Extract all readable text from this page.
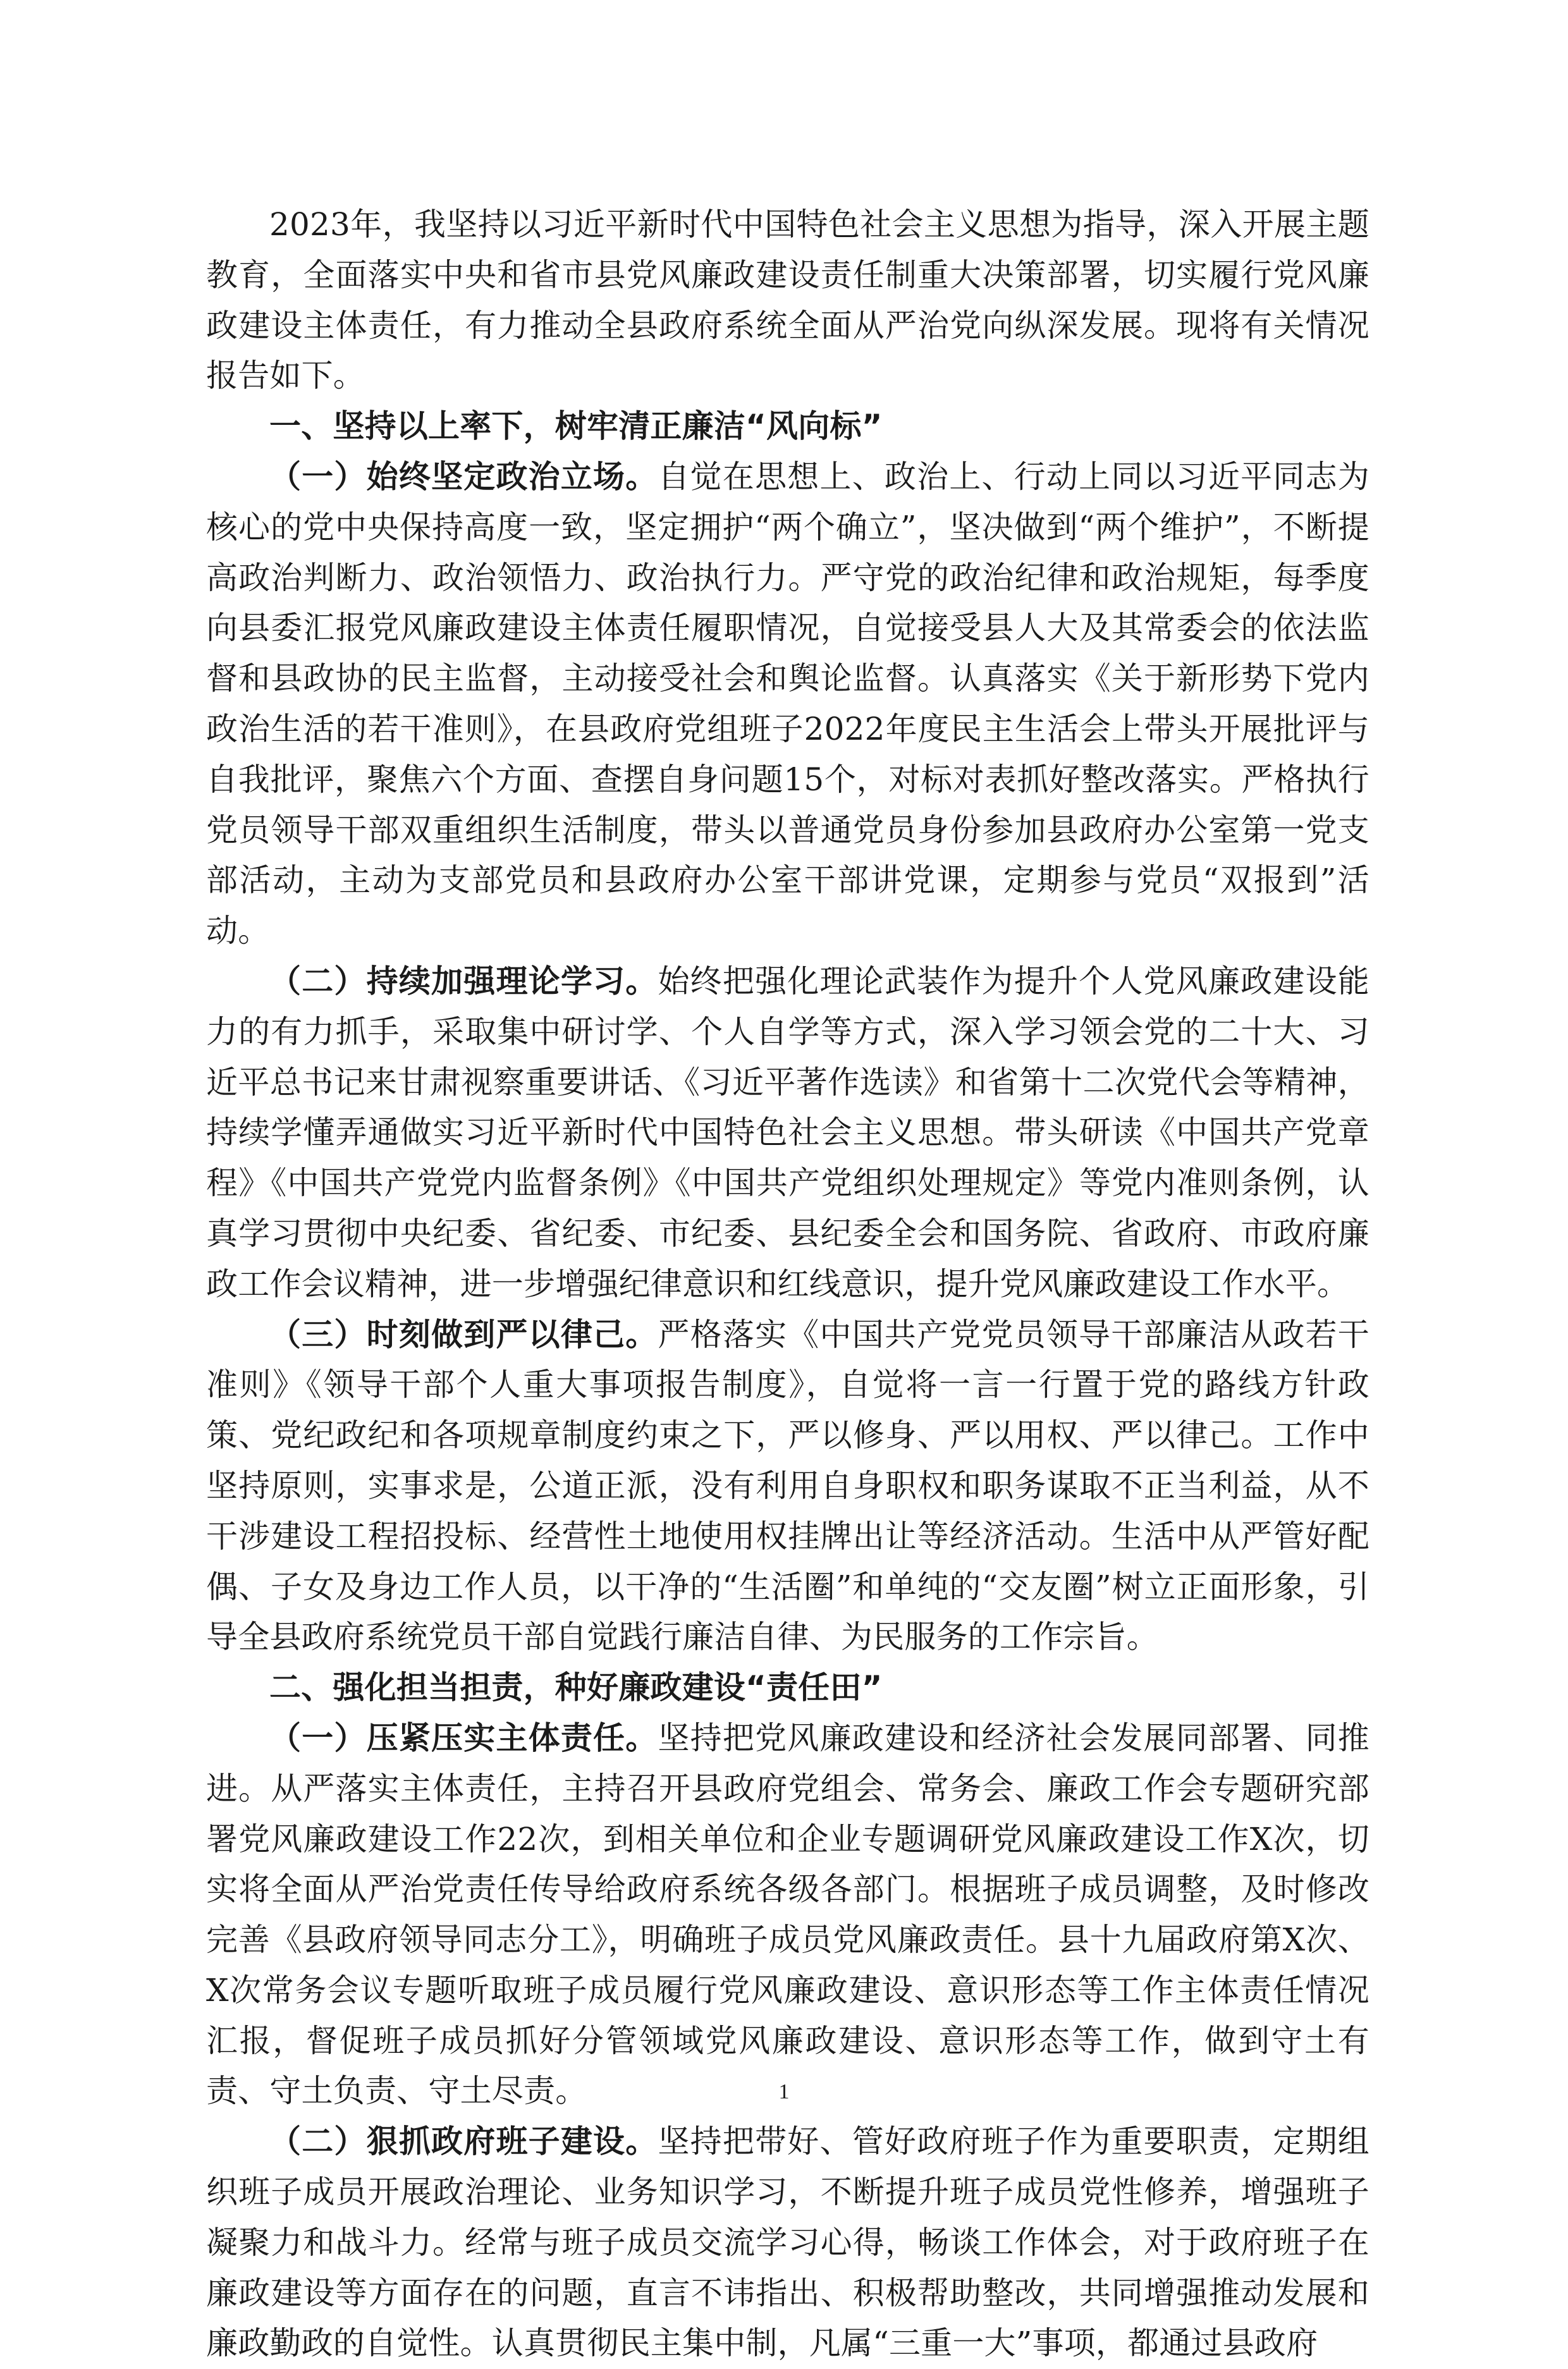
2023年，我坚持以习近平新时代中国特色社会主义思想为指导，深入开展主题教育，全面落实中央和省市县党风廉政建设责任制重大决策部署，切实履行党风廉政建设主体责任，有力推动全县政府系统全面从严治党向纵深发展。现将有关情况报告如下。

一、坚持以上率下，树牢清正廉洁“风向标”

（一）始终坚定政治立场。自觉在思想上、政治上、行动上同以习近平同志为核心的党中央保持高度一致，坚定拥护“两个确立”，坚决做到“两个维护”，不断提高政治判断力、政治领悟力、政治执行力。严守党的政治纪律和政治规矩，每季度向县委汇报党风廉政建设主体责任履职情况，自觉接受县人大及其常委会的依法监督和县政协的民主监督，主动接受社会和舆论监督。认真落实《关于新形势下党内政治生活的若干准则》，在县政府党组班子2022年度民主生活会上带头开展批评与自我批评，聚焦六个方面、查摆自身问题15个，对标对表抓好整改落实。严格执行党员领导干部双重组织生活制度，带头以普通党员身份参加县政府办公室第一党支部活动，主动为支部党员和县政府办公室干部讲党课，定期参与党员“双报到”活动。

（二）持续加强理论学习。始终把强化理论武装作为提升个人党风廉政建设能力的有力抓手，采取集中研讨学、个人自学等方式，深入学习领会党的二十大、习近平总书记来甘肃视察重要讲话、《习近平著作选读》和省第十二次党代会等精神，持续学懂弄通做实习近平新时代中国特色社会主义思想。带头研读《中国共产党章程》《中国共产党党内监督条例》《中国共产党组织处理规定》等党内准则条例，认真学习贯彻中央纪委、省纪委、市纪委、县纪委全会和国务院、省政府、市政府廉政工作会议精神，进一步增强纪律意识和红线意识，提升党风廉政建设工作水平。

（三）时刻做到严以律己。严格落实《中国共产党党员领导干部廉洁从政若干准则》《领导干部个人重大事项报告制度》，自觉将一言一行置于党的路线方针政策、党纪政纪和各项规章制度约束之下，严以修身、严以用权、严以律己。工作中坚持原则，实事求是，公道正派，没有利用自身职权和职务谋取不正当利益，从不干涉建设工程招投标、经营性土地使用权挂牌出让等经济活动。生活中从严管好配偶、子女及身边工作人员，以干净的“生活圈”和单纯的“交友圈”树立正面形象，引导全县政府系统党员干部自觉践行廉洁自律、为民服务的工作宗旨。

二、强化担当担责，种好廉政建设“责任田”

（一）压紧压实主体责任。坚持把党风廉政建设和经济社会发展同部署、同推进。从严落实主体责任，主持召开县政府党组会、常务会、廉政工作会专题研究部署党风廉政建设工作22次，到相关单位和企业专题调研党风廉政建设工作X次，切实将全面从严治党责任传导给政府系统各级各部门。根据班子成员调整，及时修改完善《县政府领导同志分工》，明确班子成员党风廉政责任。县十九届政府第X次、X次常务会议专题听取班子成员履行党风廉政建设、意识形态等工作主体责任情况汇报，督促班子成员抓好分管领域党风廉政建设、意识形态等工作，做到守土有责、守土负责、守土尽责。

（二）狠抓政府班子建设。坚持把带好、管好政府班子作为重要职责，定期组织班子成员开展政治理论、业务知识学习，不断提升班子成员党性修养，增强班子凝聚力和战斗力。经常与班子成员交流学习心得，畅谈工作体会，对于政府班子在廉政建设等方面存在的问题，直言不讳指出、积极帮助整改，共同增强推动发展和廉政勤政的自觉性。认真贯彻民主集中制，凡属“三重一大”事项，都通过县政府

1
